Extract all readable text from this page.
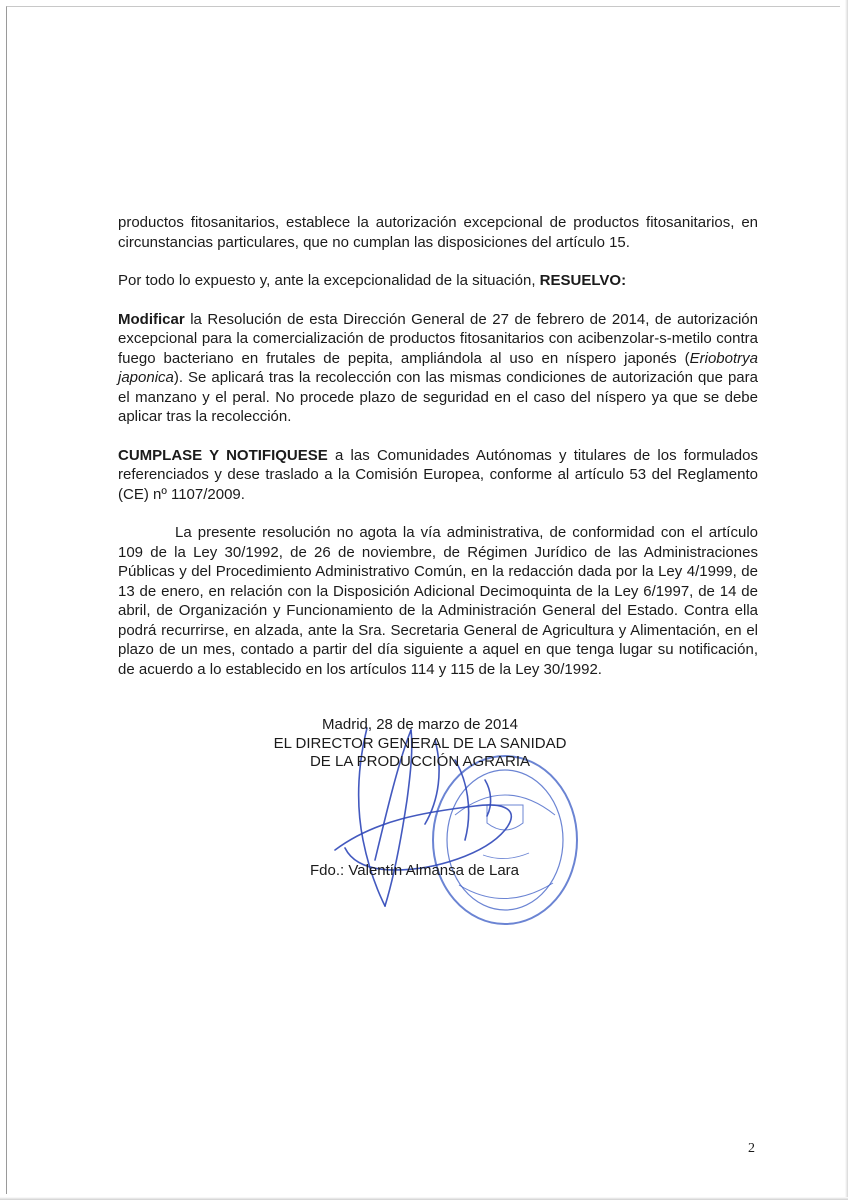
productos fitosanitarios, establece la autorización excepcional de productos fitosanitarios, en circunstancias particulares, que no cumplan las disposiciones del artículo 15.

Por todo lo expuesto y, ante la excepcionalidad de la situación, RESUELVO:

Modificar la Resolución de esta Dirección General de 27 de febrero de 2014, de autorización excepcional para la comercialización de productos fitosanitarios con acibenzolar-s-metilo contra fuego bacteriano en frutales de pepita, ampliándola al uso en níspero japonés (Eriobotrya japonica). Se aplicará tras la recolección con las mismas condiciones de autorización que para el manzano y el peral. No procede plazo de seguridad en el caso del níspero ya que se debe aplicar tras la recolección.

CUMPLASE Y NOTIFIQUESE a las Comunidades Autónomas y titulares de los formulados referenciados y dese traslado a la Comisión Europea, conforme al artículo 53 del Reglamento (CE) nº 1107/2009.

La presente resolución no agota la vía administrativa, de conformidad con el artículo 109 de la Ley 30/1992, de 26 de noviembre, de Régimen Jurídico de las Administraciones Públicas y del Procedimiento Administrativo Común, en la redacción dada por la Ley 4/1999, de 13 de enero, en relación con la Disposición Adicional Decimoquinta de la Ley 6/1997, de 14 de abril, de Organización y Funcionamiento de la Administración General del Estado. Contra ella podrá recurrirse, en alzada, ante la Sra. Secretaria General de Agricultura y Alimentación, en el plazo de un mes, contado a partir del día siguiente a aquel en que tenga lugar su notificación, de acuerdo a lo establecido en los artículos 114 y 115 de la Ley 30/1992.

Madrid, 28 de marzo de 2014
EL DIRECTOR GENERAL DE LA SANIDAD
DE LA PRODUCCIÓN AGRARIA
Fdo.: Valentín Almansa de Lara
2
